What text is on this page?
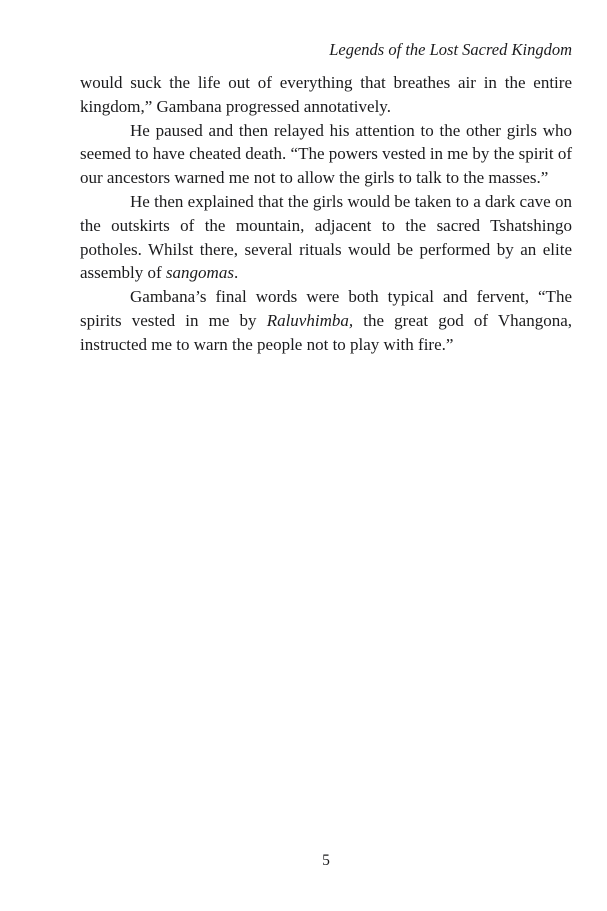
Legends of the Lost Sacred Kingdom

would suck the life out of everything that breathes air in the entire kingdom,” Gambana progressed annotatively.

He paused and then relayed his attention to the other girls who seemed to have cheated death. “The powers vested in me by the spirit of our ancestors warned me not to allow the girls to talk to the masses.”

He then explained that the girls would be taken to a dark cave on the outskirts of the mountain, adjacent to the sacred Tshatshingo potholes. Whilst there, several rituals would be performed by an elite assembly of sangomas.

Gambana’s final words were both typical and fervent, “The spirits vested in me by Raluvhimba, the great god of Vhangona, instructed me to warn the people not to play with fire.”

5
